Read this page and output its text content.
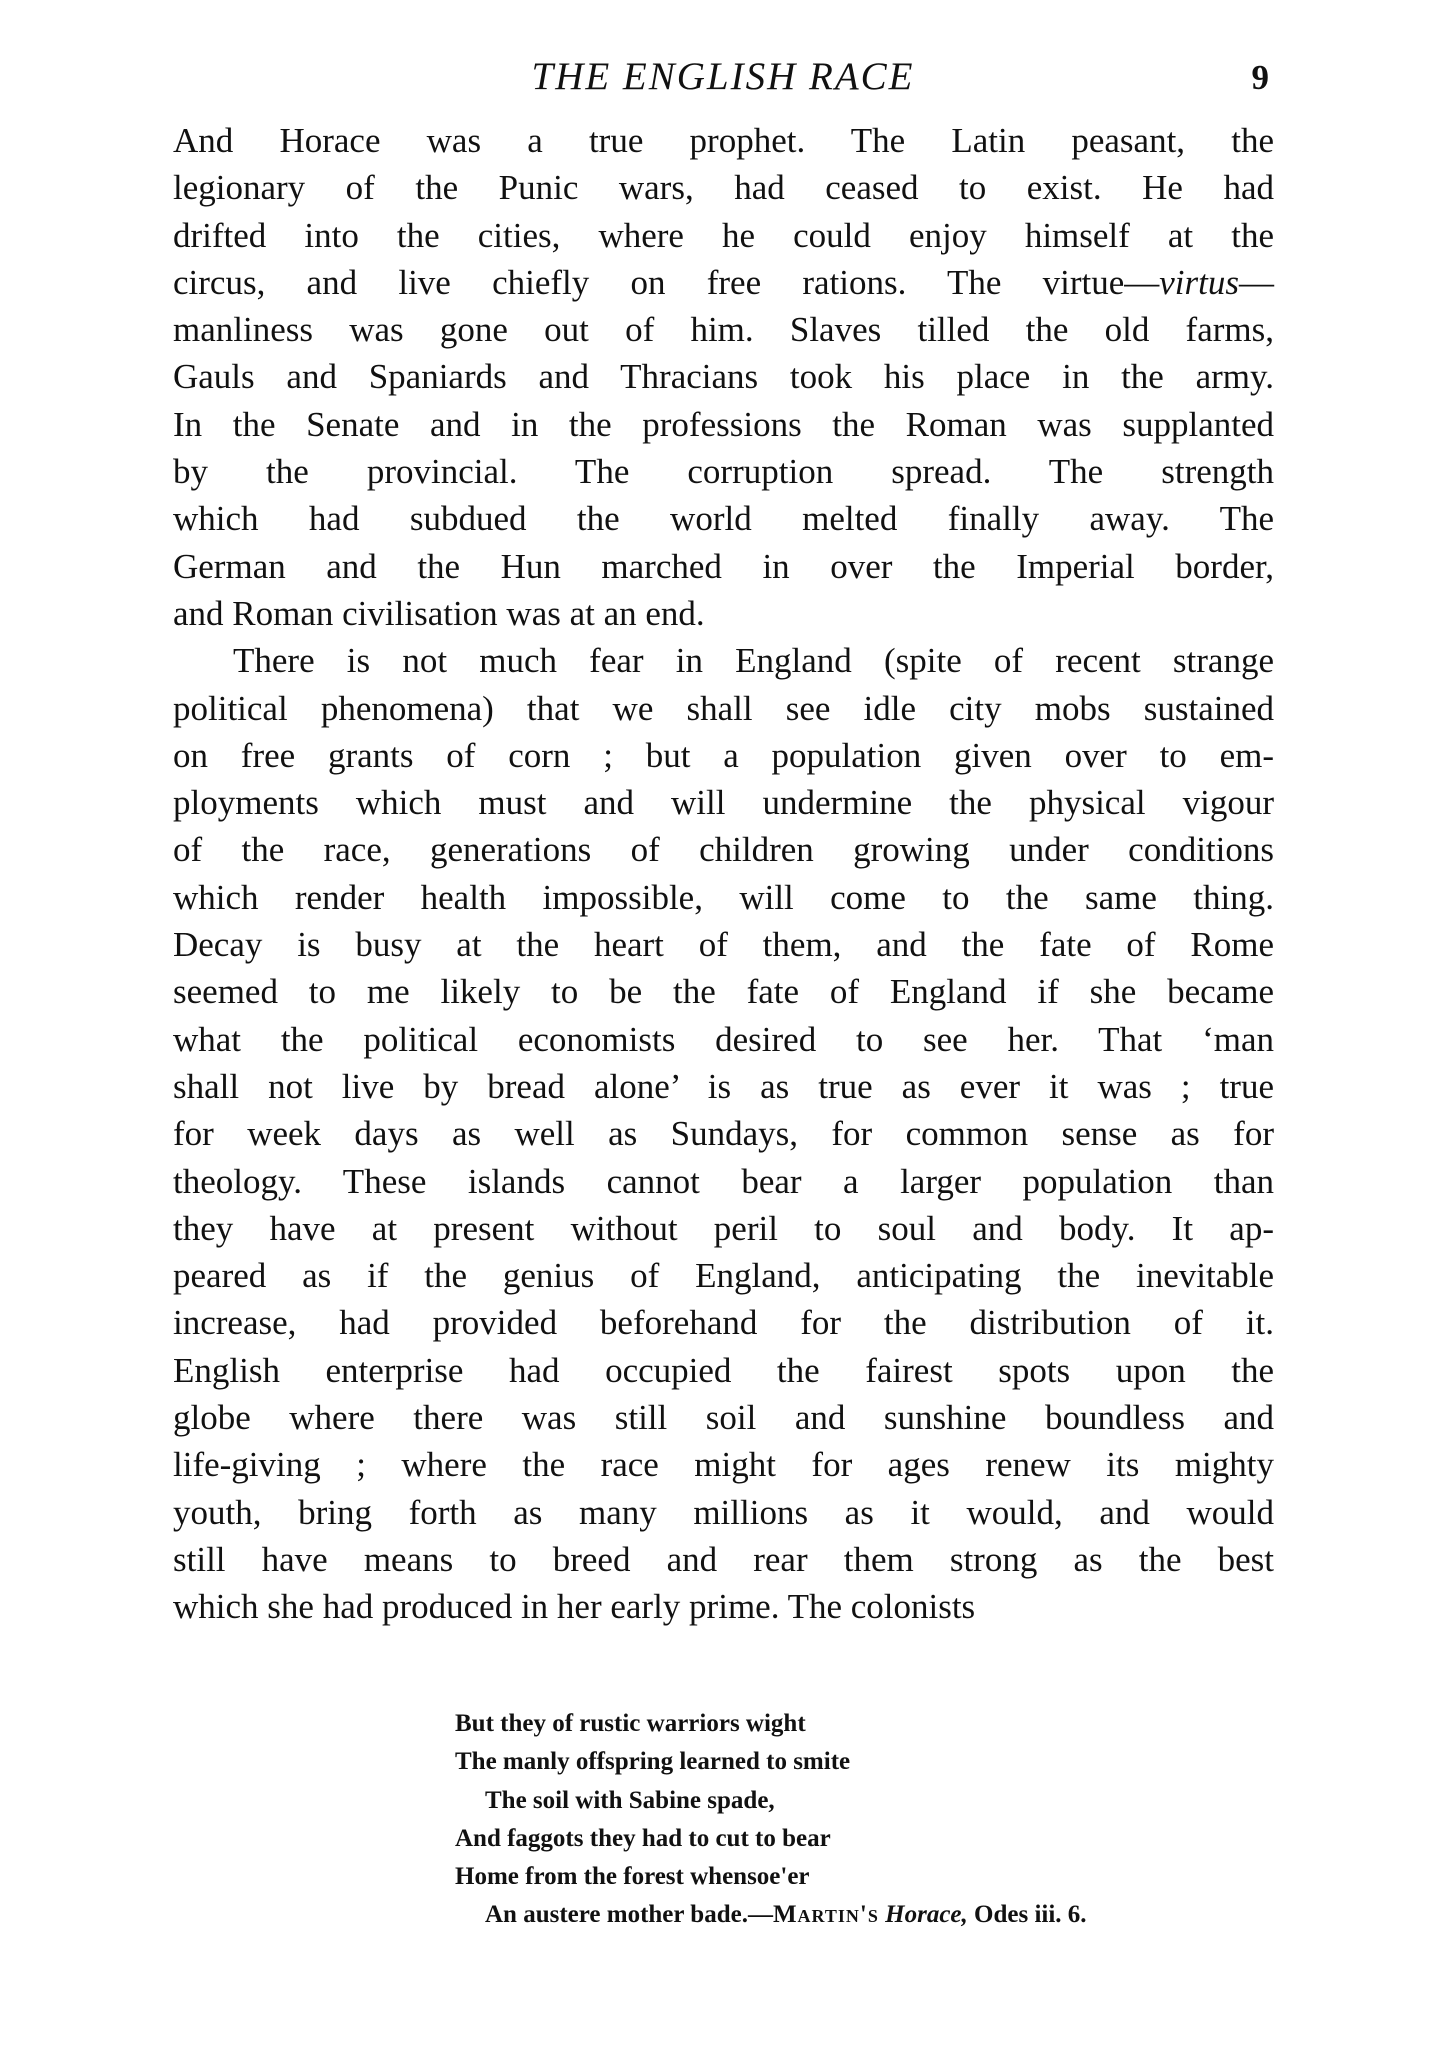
THE ENGLISH RACE	9
And Horace was a true prophet. The Latin peasant, the
legionary of the Punic wars, had ceased to exist. He had
drifted into the cities, where he could enjoy himself at the
circus, and live chiefly on free rations. The virtue—virtus—
manliness was gone out of him. Slaves tilled the old farms,
Gauls and Spaniards and Thracians took his place in the army.
In the Senate and in the professions the Roman was supplanted
by the provincial. The corruption spread. The strength
which had subdued the world melted finally away. The
German and the Hun marched in over the Imperial border,
and Roman civilisation was at an end.
There is not much fear in England (spite of recent strange
political phenomena) that we shall see idle city mobs sustained
on free grants of corn ; but a population given over to em-
ployments which must and will undermine the physical vigour
of the race, generations of children growing under conditions
which render health impossible, will come to the same thing.
Decay is busy at the heart of them, and the fate of Rome
seemed to me likely to be the fate of England if she became
what the political economists desired to see her. That ‘man
shall not live by bread alone’ is as true as ever it was ; true
for week days as well as Sundays, for common sense as for
theology. These islands cannot bear a larger population than
they have at present without peril to soul and body. It ap-
peared as if the genius of England, anticipating the inevitable
increase, had provided beforehand for the distribution of it.
English enterprise had occupied the fairest spots upon the
globe where there was still soil and sunshine boundless and
life-giving ; where the race might for ages renew its mighty
youth, bring forth as many millions as it would, and would
still have means to breed and rear them strong as the best
which she had produced in her early prime. The colonists
But they of rustic warriors wight
The manly offspring learned to smite
The soil with Sabine spade,
And faggots they had to cut to bear
Home from the forest whensoe'er
An austere mother bade.—Martin's Horace, Odes iii. 6.
